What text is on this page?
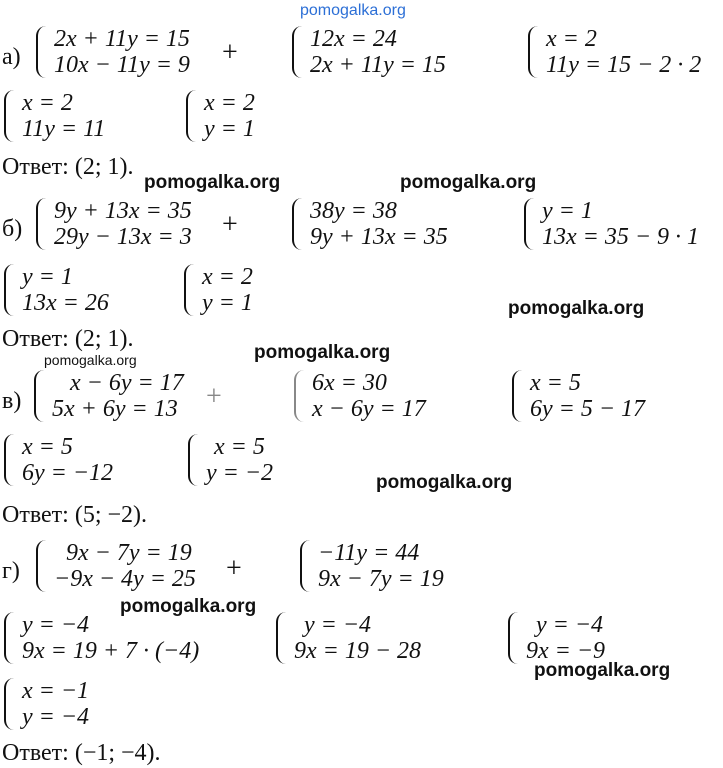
pomogalka.org
а)
2x + 11y = 15
10x − 11y = 9 +	12x = 24
2x + 11y = 15
x = 2
11y = 15 − 2 · 2
x = 2
11y = 11
x = 2
y = 1
Ответ: (2; 1).
pomogalka.org	pomogalka.org
б)
9y + 13x = 35
29y − 13x = 3 +	38y = 38
9y + 13x = 35
y = 1
13x = 35 − 9 · 1
y = 1
13x = 26
x = 2
y = 1	pomogalka.org
Ответ: (2; 1).
pomogalka.org
pomogalka.org
в)
x − 6y = 17
5x + 6y = 13 +	6x = 30
x − 6y = 17
x = 5
6y = 5 − 17
x = 5
6y = −12
x = 5
y = −2	pomogalka.org
Ответ: (5; −2).
г)
9x − 7y = 19
−9x − 4y = 25 +	−11y = 44
9x − 7y = 19
pomogalka.org
y = −4
9x = 19 + 7 · (−4)
y = −4
9x = 19 − 28
y = −4
9x = −9
pomogalka.org
x = −1
y = −4
Ответ: (−1; −4).
